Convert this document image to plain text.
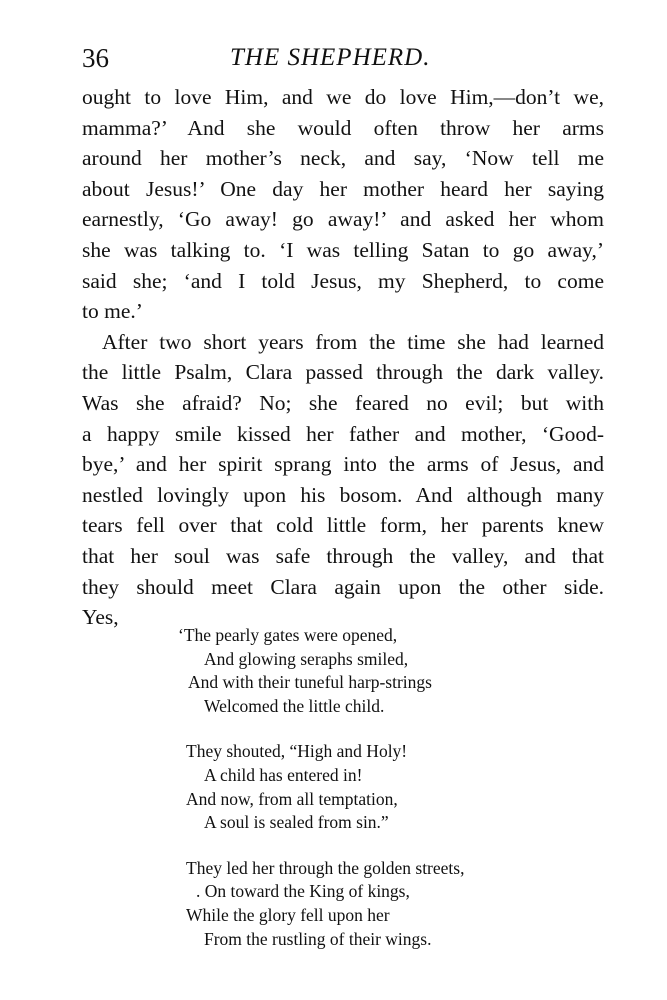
36	THE SHEPHERD.

ought to love Him, and we do love Him,—don’t we,
mamma?’ And she would often throw her arms
around her mother’s neck, and say, ‘Now tell me
about Jesus!’ One day her mother heard her saying
earnestly, ‘Go away! go away!’ and asked her whom
she was talking to. ‘I was telling Satan to go away,’
said she; ‘and I told Jesus, my Shepherd, to come
to me.’

After two short years from the time she had learned
the little Psalm, Clara passed through the dark valley.
Was she afraid? No; she feared no evil; but with
a happy smile kissed her father and mother, ‘Good-
bye,’ and her spirit sprang into the arms of Jesus, and
nestled lovingly upon his bosom. And although many
tears fell over that cold little form, her parents knew
that her soul was safe through the valley, and that
they should meet Clara again upon the other side.
Yes,

‘The pearly gates were opened,
And glowing seraphs smiled,
And with their tuneful harp-strings
Welcomed the little child.
They shouted, “High and Holy!
A child has entered in!
And now, from all temptation,
A soul is sealed from sin.”
They led her through the golden streets,
. On toward the King of kings,
While the glory fell upon her
From the rustling of their wings.
